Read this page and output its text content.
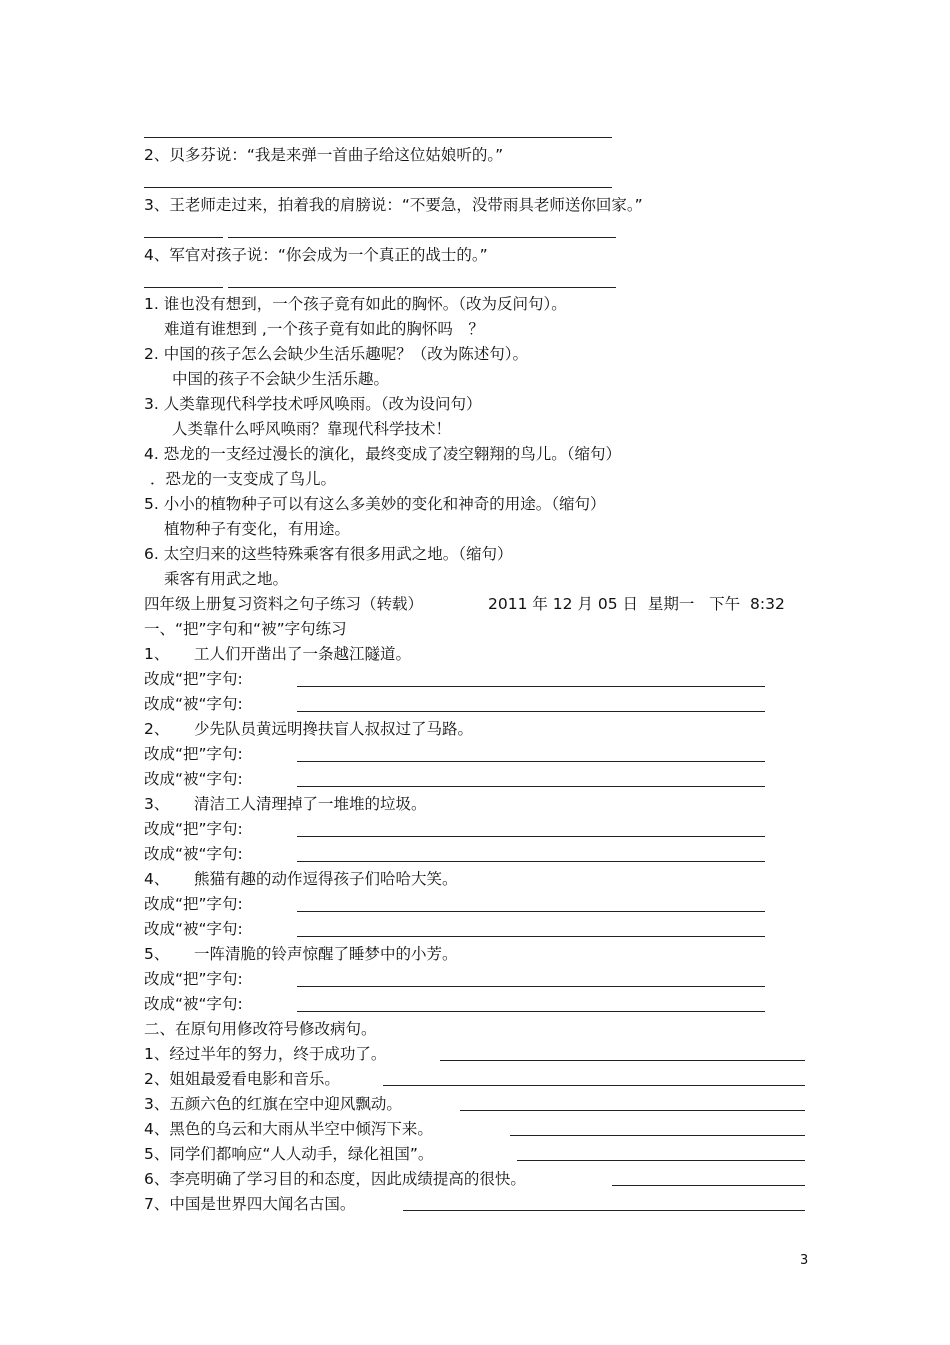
2、贝多芬说：“我是来弹一首曲子给这位姑娘听的。”
3、王老师走过来，拍着我的肩膀说：“不要急，没带雨具老师送你回家。”
4、军官对孩子说：“你会成为一个真正的战士的。”
1. 谁也没有想到，一个孩子竟有如此的胸怀。（改为反问句）。
难道有谁想到 ,一个孩子竟有如此的胸怀吗　？
2. 中国的孩子怎么会缺少生活乐趣呢？（改为陈述句）。
中国的孩子不会缺少生活乐趣。
3. 人类靠现代科学技术呼风唤雨。（改为设问句）
人类靠什么呼风唤雨？靠现代科学技术！
4. 恐龙的一支经过漫长的演化，最终变成了凌空翱翔的鸟儿。（缩句）
．恐龙的一支变成了鸟儿。
5. 小小的植物种子可以有这么多美妙的变化和神奇的用途。（缩句）
植物种子有变化，有用途。
6. 太空归来的这些特殊乘客有很多用武之地。（缩句）
乘客有用武之地。
四年级上册复习资料之句子练习（转载）	2011 年 12 月 05 日  星期一   下午  8:32
一、“把”字句和“被”字句练习
1、     工人们开凿出了一条越江隧道。
改成“把”字句:
改成“被“字句:
2、     少先队员黄远明搀扶盲人叔叔过了马路。
改成“把”字句:
改成“被“字句:
3、     清洁工人清理掉了一堆堆的垃圾。
改成“把”字句:
改成“被“字句:
4、     熊猫有趣的动作逗得孩子们哈哈大笑。
改成“把”字句:
改成“被“字句:
5、     一阵清脆的铃声惊醒了睡梦中的小芳。
改成“把”字句:
改成“被“字句:
二、在原句用修改符号修改病句。
1、经过半年的努力，终于成功了。
2、姐姐最爱看电影和音乐。
3、五颜六色的红旗在空中迎风飘动。
4、黑色的乌云和大雨从半空中倾泻下来。
5、同学们都响应“人人动手，绿化祖国”。
6、李亮明确了学习目的和态度，因此成绩提高的很快。
7、中国是世界四大闻名古国。
3
